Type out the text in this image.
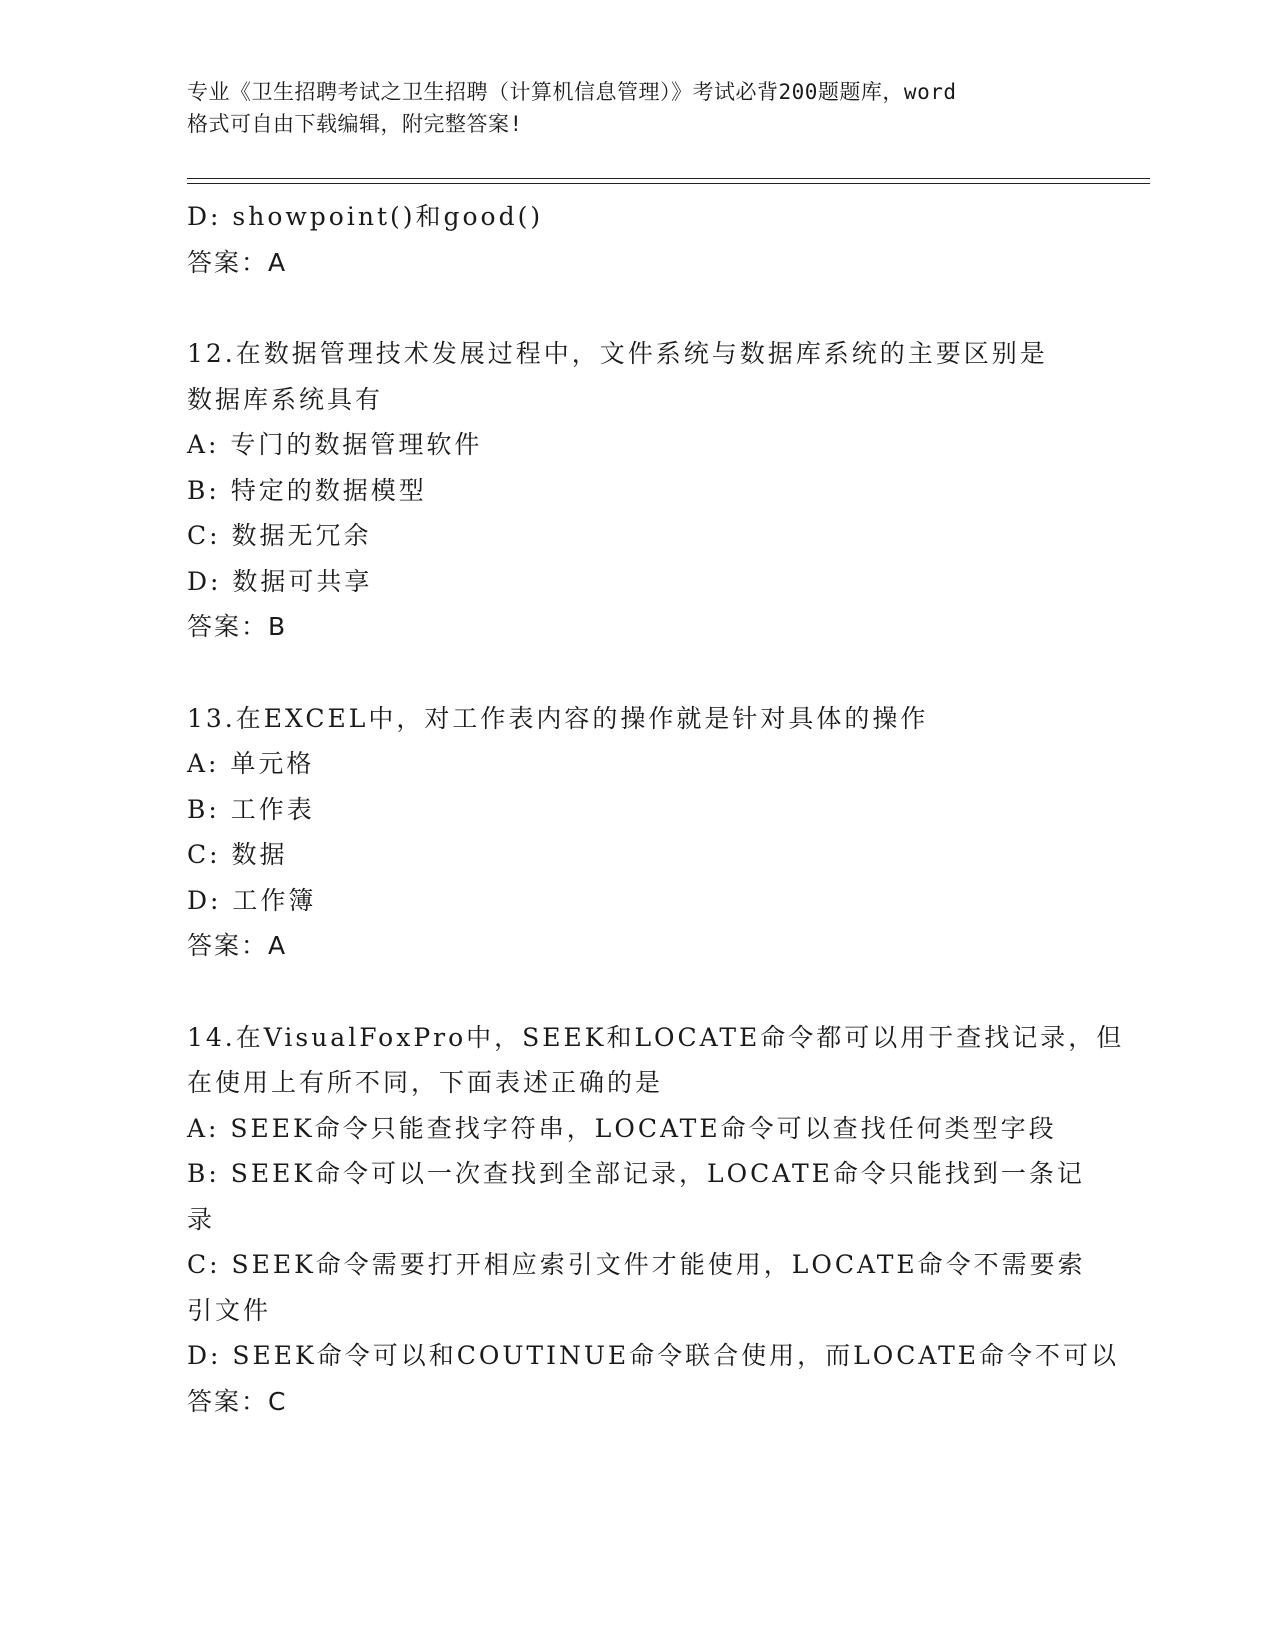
专业《卫生招聘考试之卫生招聘（计算机信息管理）》考试必背200题题库，word
格式可自由下载编辑，附完整答案!
D: showpoint()和good()
答案：A
12.在数据管理技术发展过程中，文件系统与数据库系统的主要区别是
数据库系统具有
A: 专门的数据管理软件
B: 特定的数据模型
C: 数据无冗余
D: 数据可共享
答案：B
13.在EXCEL中，对工作表内容的操作就是针对具体的操作
A: 单元格
B: 工作表
C: 数据
D: 工作簿
答案：A
14.在VisualFoxPro中，SEEK和LOCATE命令都可以用于查找记录，但
在使用上有所不同，下面表述正确的是
A: SEEK命令只能查找字符串，LOCATE命令可以查找任何类型字段
B: SEEK命令可以一次查找到全部记录，LOCATE命令只能找到一条记
录
C: SEEK命令需要打开相应索引文件才能使用，LOCATE命令不需要索
引文件
D: SEEK命令可以和COUTINUE命令联合使用，而LOCATE命令不可以
答案：C
